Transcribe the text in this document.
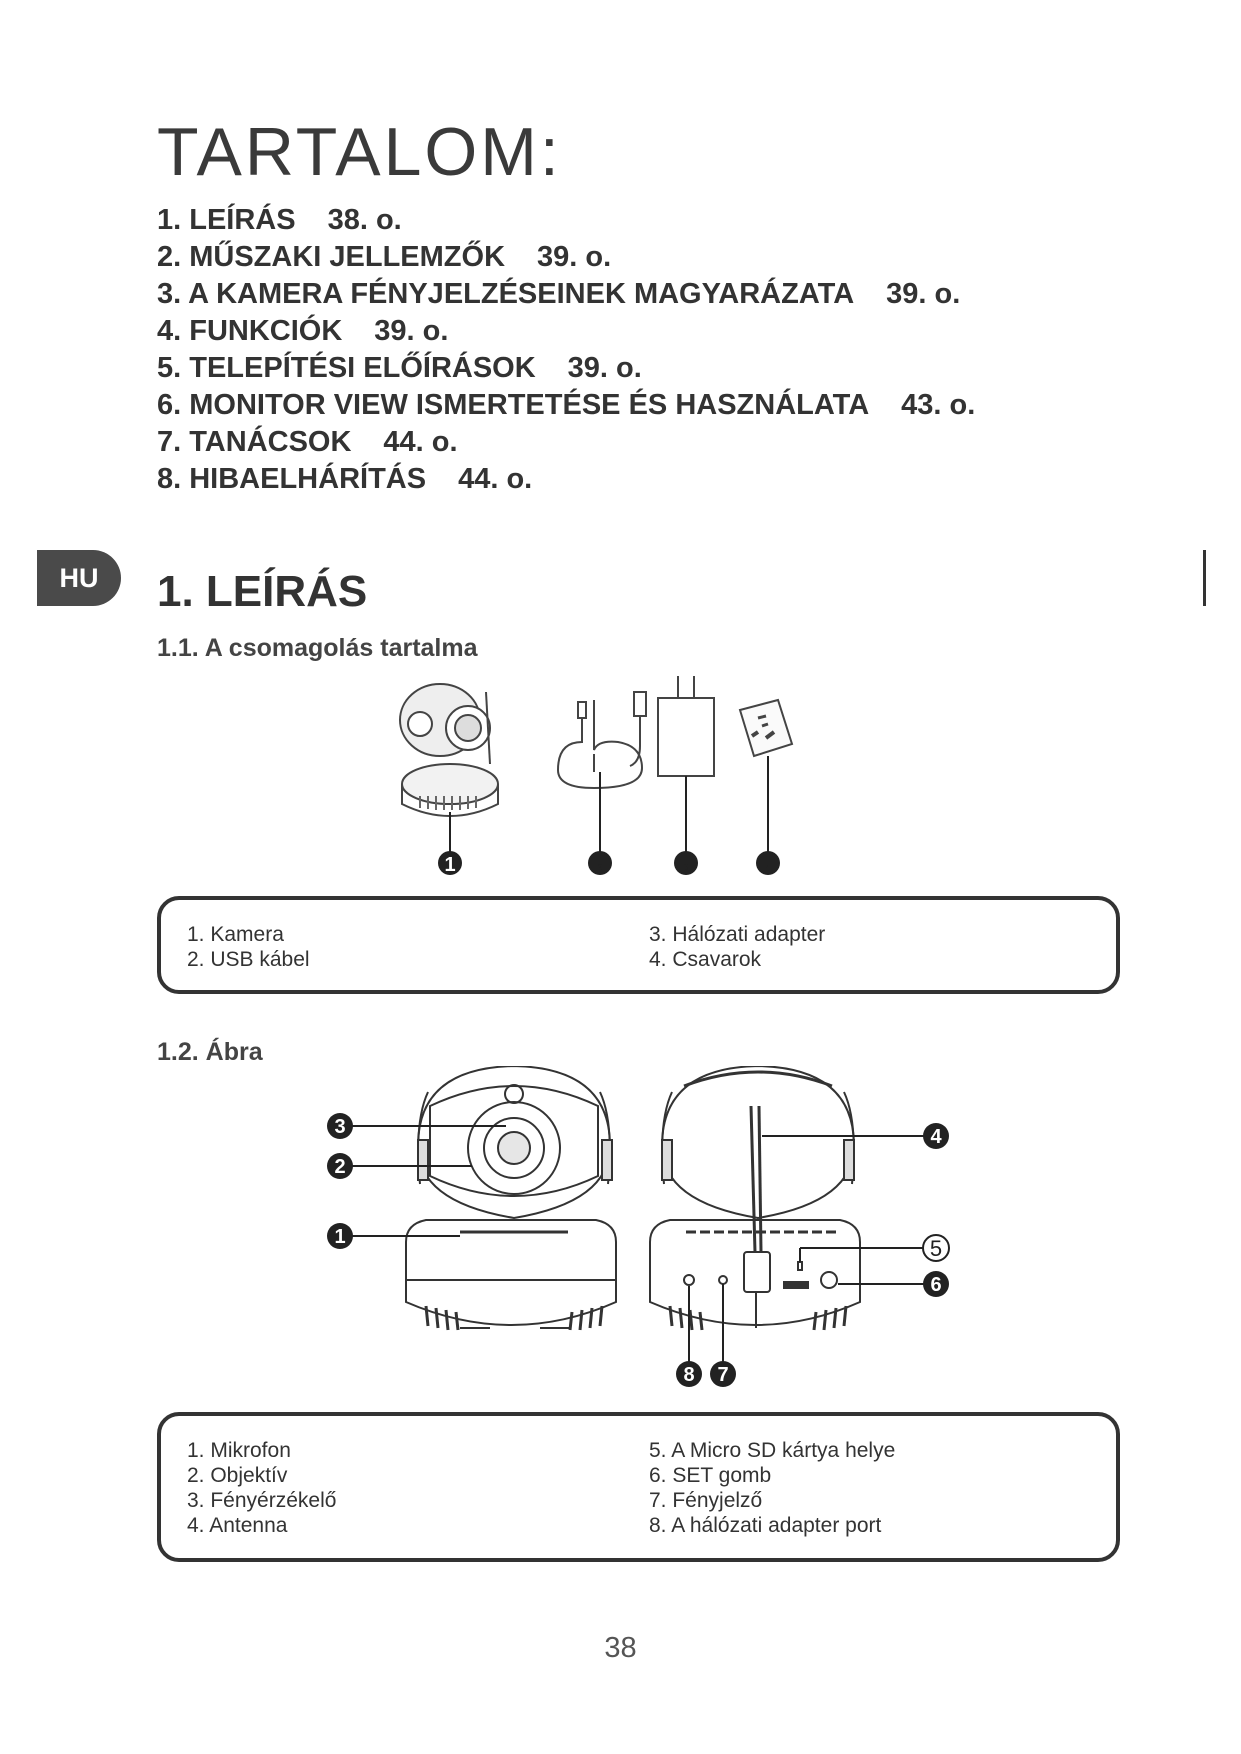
TARTALOM:
1. LEÍRÁS 38. o.
2. MŰSZAKI JELLEMZŐK 39. o.
3. A KAMERA FÉNYJELZÉSEINEK MAGYARÁZATA 39. o.
4. FUNKCIÓK 39. o.
5. TELEPÍTÉSI ELŐÍRÁSOK 39. o.
6. MONITOR VIEW ISMERTETÉSE ÉS HASZNÁLATA 43. o.
7. TANÁCSOK 44. o.
8. HIBAELHÁRÍTÁS 44. o.
HU	1. LEÍRÁS
1.1. A csomagolás tartalma
1	2	3	4
1. Kamera
2. USB kábel
3. Hálózati adapter
4. Csavarok
1.2. Ábra
1
2
3	4
5
6
7
8
1. Mikrofon
2. Objektív
3. Fényérzékelő
4. Antenna
5. A Micro SD kártya helye
6. SET gomb
7. Fényjelző
8. A hálózati adapter port
38
